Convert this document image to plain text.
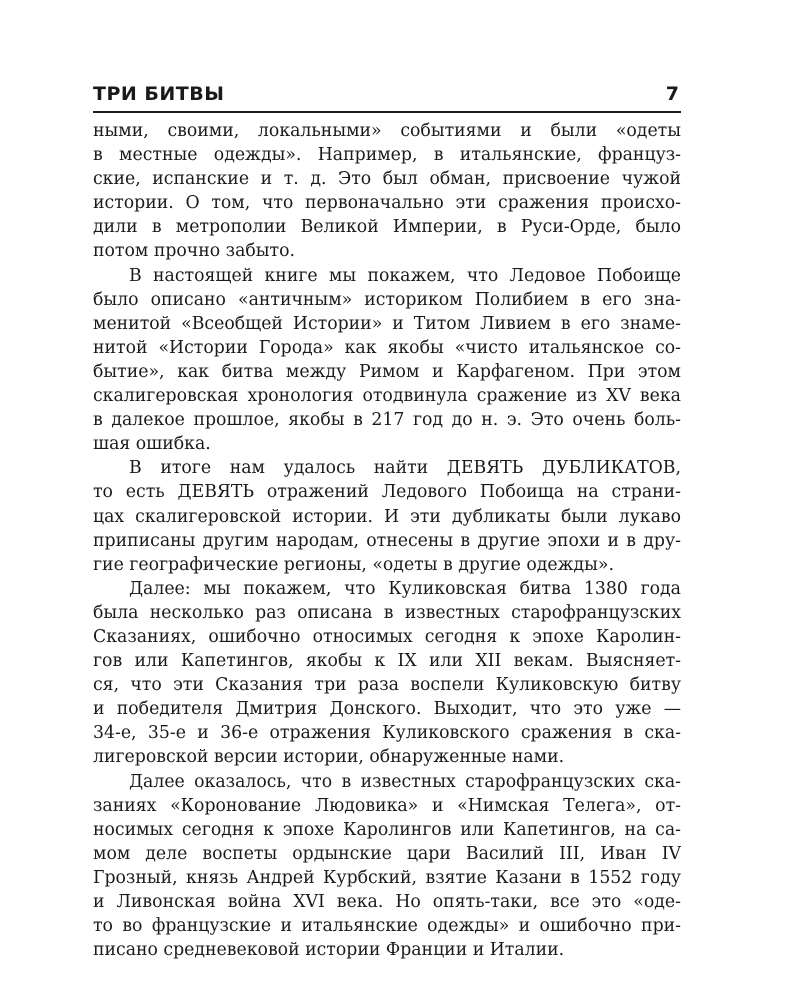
ТРИ БИТВЫ	7
ными, своими, локальными» событиями и были «одеты
в местные одежды». Например, в итальянские, француз-
ские, испанские и т. д. Это был обман, присвоение чужой
истории. О том, что первоначально эти сражения происхо-
дили в метрополии Великой Империи, в Руси-Орде, было
потом прочно забыто.
В настоящей книге мы покажем, что Ледовое Побоище
было описано «античным» историком Полибием в его зна-
менитой «Всеобщей Истории» и Титом Ливием в его знаме-
нитой «Истории Города» как якобы «чисто итальянское со-
бытие», как битва между Римом и Карфагеном. При этом
скалигеровская хронология отодвинула сражение из XV века
в далекое прошлое, якобы в 217 год до н. э. Это очень боль-
шая ошибка.
В итоге нам удалось найти ДЕВЯТЬ ДУБЛИКАТОВ,
то есть ДЕВЯТЬ отражений Ледового Побоища на страни-
цах скалигеровской истории. И эти дубликаты были лукаво
приписаны другим народам, отнесены в другие эпохи и в дру-
гие географические регионы, «одеты в другие одежды».
Далее: мы покажем, что Куликовская битва 1380 года
была несколько раз описана в известных старофранцузских
Сказаниях, ошибочно относимых сегодня к эпохе Каролин-
гов или Капетингов, якобы к IX или XII векам. Выясняет-
ся, что эти Сказания три раза воспели Куликовскую битву
и победителя Дмитрия Донского. Выходит, что это уже —
34-е, 35-е и 36-е отражения Куликовского сражения в ска-
лигеровской версии истории, обнаруженные нами.
Далее оказалось, что в известных старофранцузских ска-
заниях «Коронование Людовика» и «Нимская Телега», от-
носимых сегодня к эпохе Каролингов или Капетингов, на са-
мом деле воспеты ордынские цари Василий III, Иван IV
Грозный, князь Андрей Курбский, взятие Казани в 1552 году
и Ливонская война XVI века. Но опять-таки, все это «оде-
то во французские и итальянские одежды» и ошибочно при-
писано средневековой истории Франции и Италии.
